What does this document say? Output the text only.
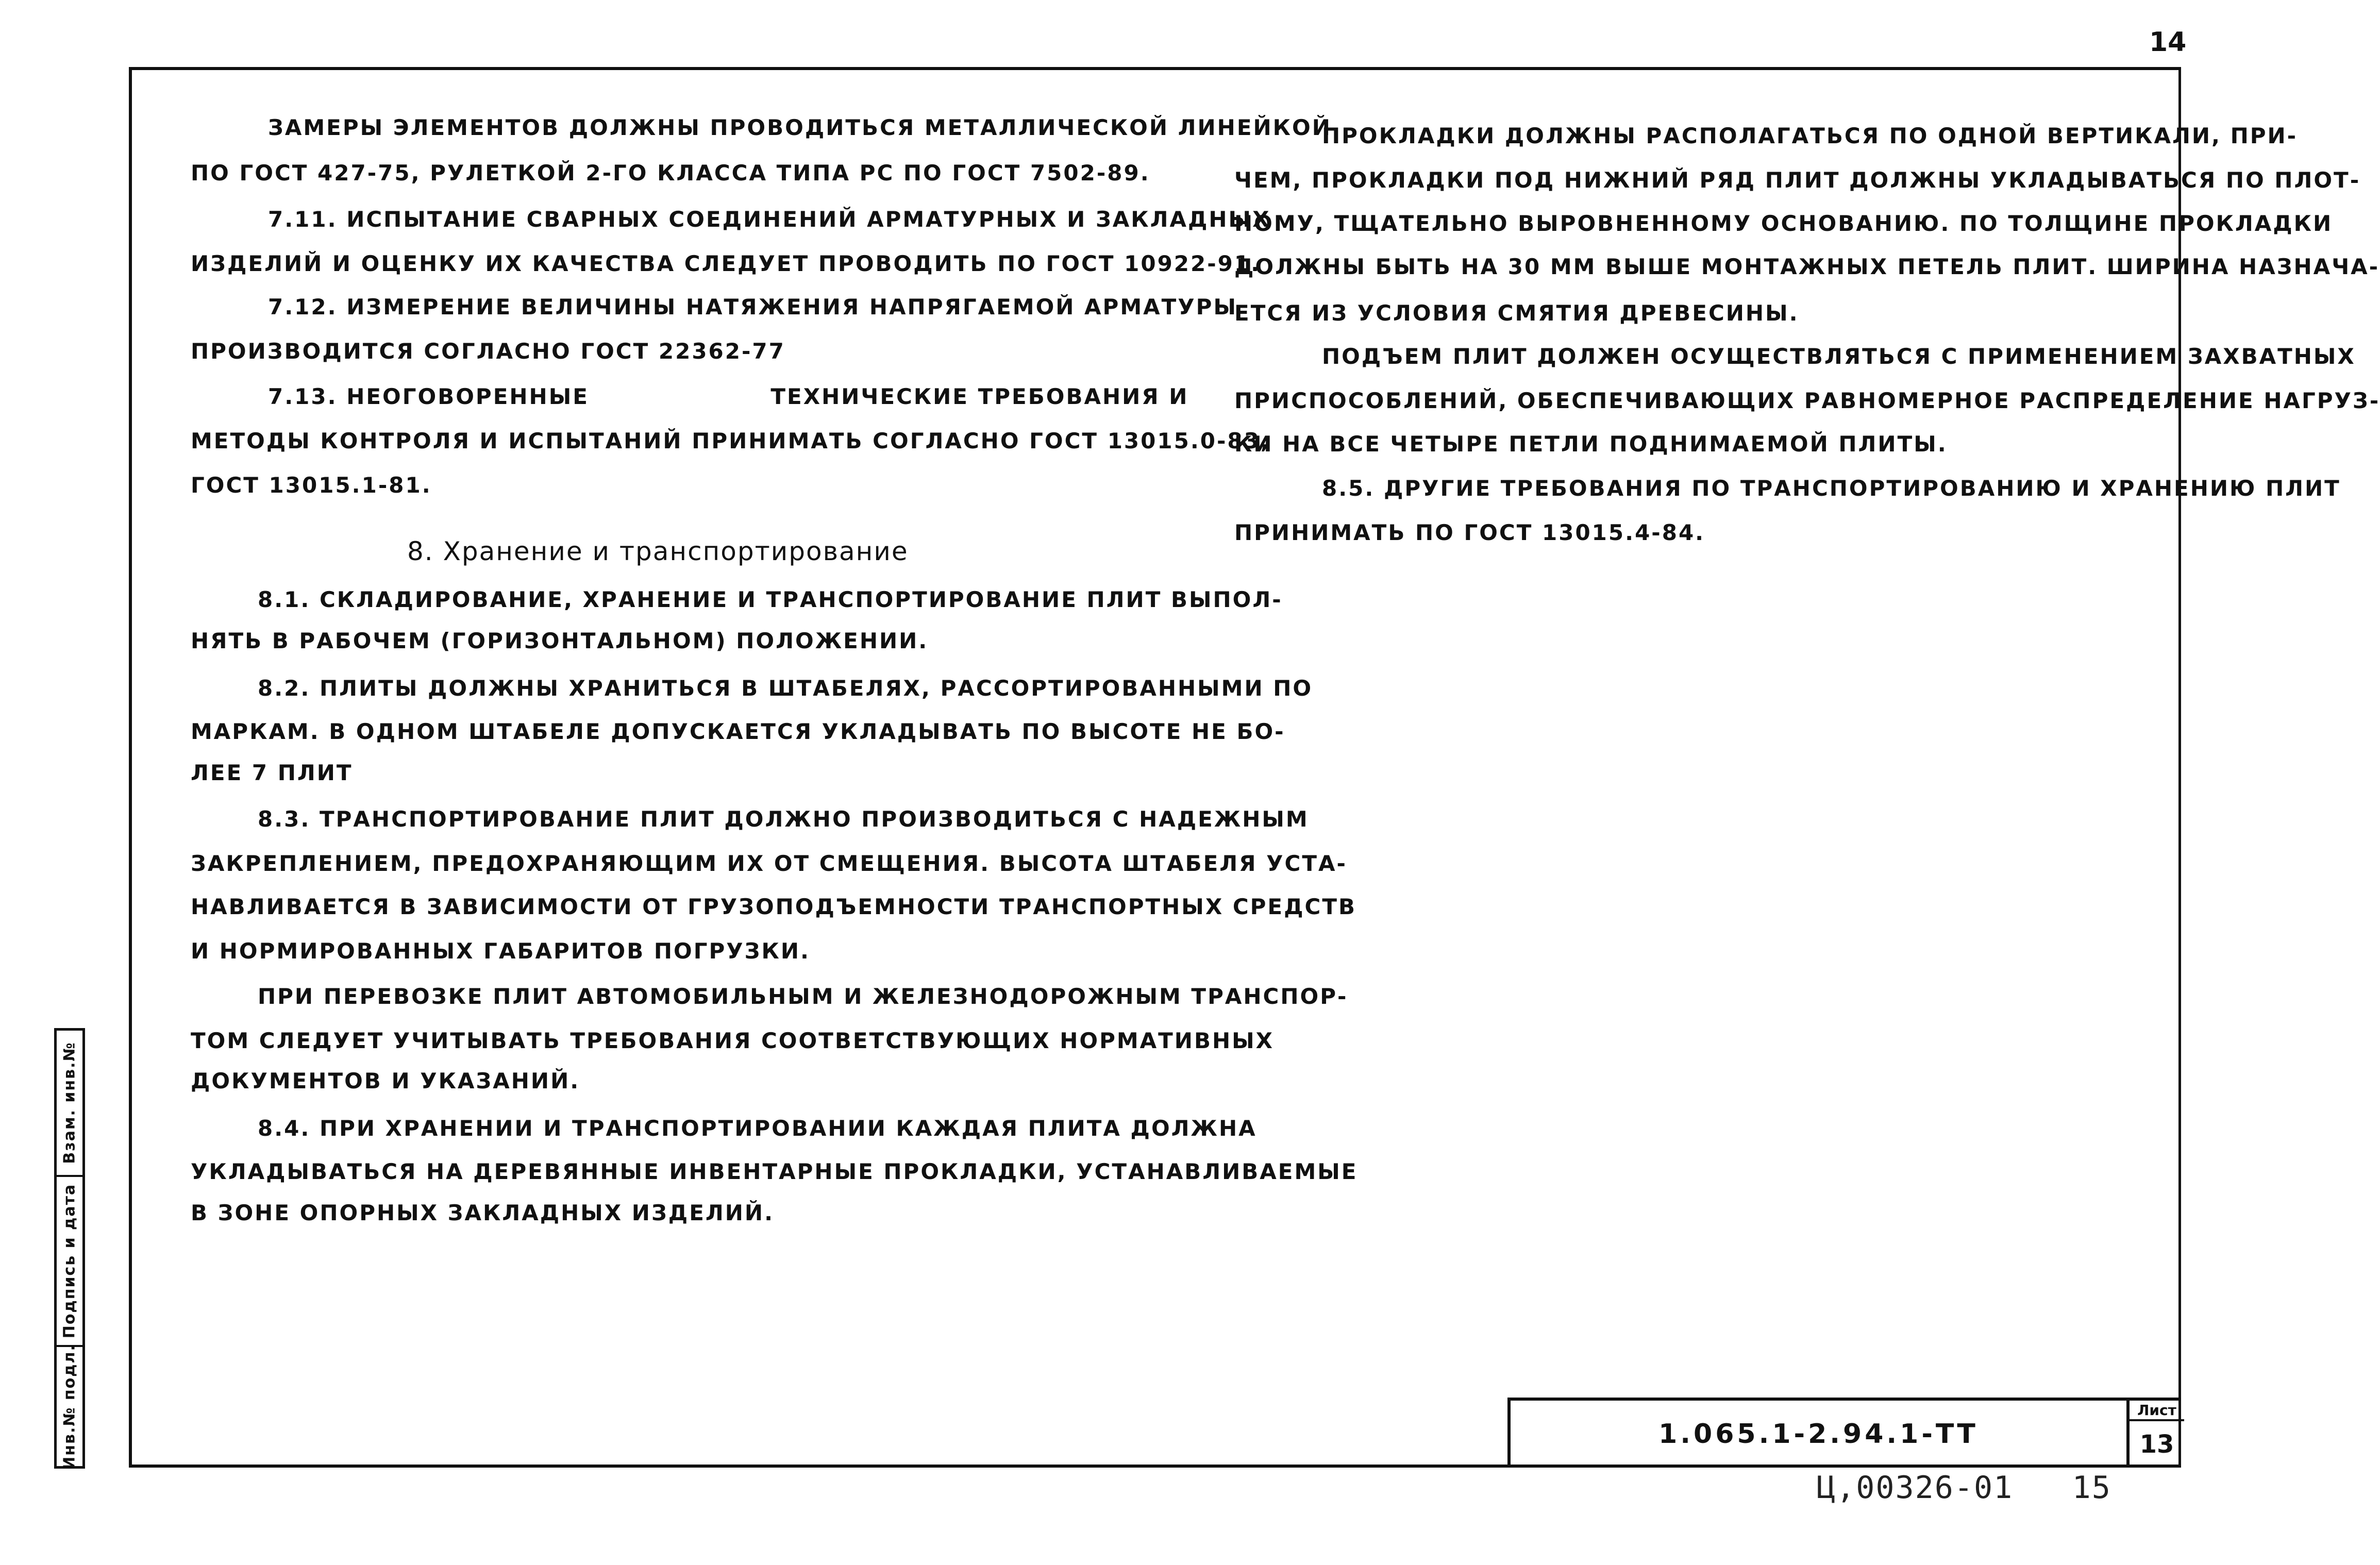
14
ЗАМЕРЫ ЭЛЕМЕНТОВ ДОЛЖНЫ ПРОВОДИТЬСЯ МЕТАЛЛИЧЕСКОЙ ЛИНЕЙКОЙ
ПО ГОСТ 427-75, РУЛЕТКОЙ 2-ГО КЛАССА ТИПА РС ПО ГОСТ 7502-89.
7.11. ИСПЫТАНИЕ СВАРНЫХ СОЕДИНЕНИЙ АРМАТУРНЫХ И ЗАКЛАДНЫХ
ИЗДЕЛИЙ И ОЦЕНКУ ИХ КАЧЕСТВА СЛЕДУЕТ ПРОВОДИТЬ ПО ГОСТ 10922-91.
7.12. ИЗМЕРЕНИЕ ВЕЛИЧИНЫ НАТЯЖЕНИЯ НАПРЯГАЕМОЙ АРМАТУРЫ
ПРОИЗВОДИТСЯ СОГЛАСНО ГОСТ 22362-77
7.13. НЕОГОВОРЕННЫЕ                    ТЕХНИЧЕСКИЕ ТРЕБОВАНИЯ И
МЕТОДЫ КОНТРОЛЯ И ИСПЫТАНИЙ ПРИНИМАТЬ СОГЛАСНО ГОСТ 13015.0-83,
ГОСТ 13015.1-81.
8. Хранение и транспортирование
8.1. СКЛАДИРОВАНИЕ, ХРАНЕНИЕ И ТРАНСПОРТИРОВАНИЕ ПЛИТ ВЫПОЛ-
НЯТЬ В РАБОЧЕМ (ГОРИЗОНТАЛЬНОМ) ПОЛОЖЕНИИ.
8.2. ПЛИТЫ ДОЛЖНЫ ХРАНИТЬСЯ В ШТАБЕЛЯХ, РАССОРТИРОВАННЫМИ ПО
МАРКАМ. В ОДНОМ ШТАБЕЛЕ ДОПУСКАЕТСЯ УКЛАДЫВАТЬ ПО ВЫСОТЕ НЕ БО-
ЛЕЕ 7 ПЛИТ
8.3. ТРАНСПОРТИРОВАНИЕ ПЛИТ ДОЛЖНО ПРОИЗВОДИТЬСЯ С НАДЕЖНЫМ
ЗАКРЕПЛЕНИЕМ, ПРЕДОХРАНЯЮЩИМ ИХ ОТ СМЕЩЕНИЯ. ВЫСОТА ШТАБЕЛЯ УСТА-
НАВЛИВАЕТСЯ В ЗАВИСИМОСТИ ОТ ГРУЗОПОДЪЕМНОСТИ ТРАНСПОРТНЫХ СРЕДСТВ
И НОРМИРОВАННЫХ ГАБАРИТОВ ПОГРУЗКИ.
ПРИ ПЕРЕВОЗКЕ ПЛИТ АВТОМОБИЛЬНЫМ И ЖЕЛЕЗНОДОРОЖНЫМ ТРАНСПОР-
ТОМ СЛЕДУЕТ УЧИТЫВАТЬ ТРЕБОВАНИЯ СООТВЕТСТВУЮЩИХ НОРМАТИВНЫХ
ДОКУМЕНТОВ И УКАЗАНИЙ.
8.4. ПРИ ХРАНЕНИИ И ТРАНСПОРТИРОВАНИИ КАЖДАЯ ПЛИТА ДОЛЖНА
УКЛАДЫВАТЬСЯ НА ДЕРЕВЯННЫЕ ИНВЕНТАРНЫЕ ПРОКЛАДКИ, УСТАНАВЛИВАЕМЫЕ
В ЗОНЕ ОПОРНЫХ ЗАКЛАДНЫХ ИЗДЕЛИЙ.
ПРОКЛАДКИ ДОЛЖНЫ РАСПОЛАГАТЬСЯ ПО ОДНОЙ ВЕРТИКАЛИ, ПРИ-
ЧЕМ, ПРОКЛАДКИ ПОД НИЖНИЙ РЯД ПЛИТ ДОЛЖНЫ УКЛАДЫВАТЬСЯ ПО ПЛОТ-
НОМУ, ТЩАТЕЛЬНО ВЫРОВНЕННОМУ ОСНОВАНИЮ. ПО ТОЛЩИНЕ ПРОКЛАДКИ
ДОЛЖНЫ БЫТЬ НА 30 ММ ВЫШЕ МОНТАЖНЫХ ПЕТЕЛЬ ПЛИТ. ШИРИНА НАЗНАЧА-
ЕТСЯ ИЗ УСЛОВИЯ СМЯТИЯ ДРЕВЕСИНЫ.
ПОДЪЕМ ПЛИТ ДОЛЖЕН ОСУЩЕСТВЛЯТЬСЯ С ПРИМЕНЕНИЕМ ЗАХВАТНЫХ
ПРИСПОСОБЛЕНИЙ, ОБЕСПЕЧИВАЮЩИХ РАВНОМЕРНОЕ РАСПРЕДЕЛЕНИЕ НАГРУЗ-
КИ НА ВСЕ ЧЕТЫРЕ ПЕТЛИ ПОДНИМАЕМОЙ ПЛИТЫ.
8.5. ДРУГИЕ ТРЕБОВАНИЯ ПО ТРАНСПОРТИРОВАНИЮ И ХРАНЕНИЮ ПЛИТ
ПРИНИМАТЬ ПО ГОСТ 13015.4-84.
Взам. инв.№
Подпись и дата
Инв.№ подл.	1.065.1-2.94.1-ТТ
Лист
13
Ц,00326-01   15
